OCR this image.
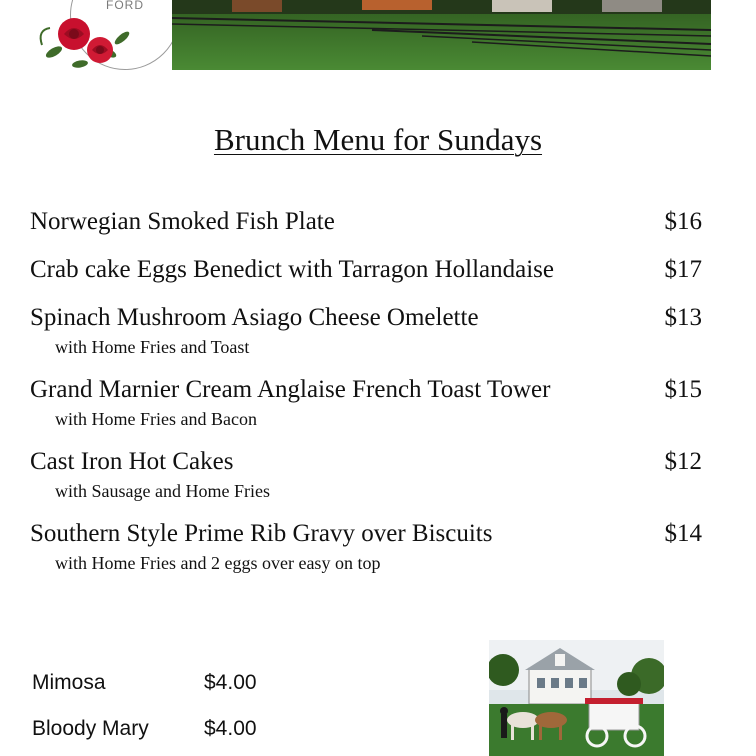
FORD
Brunch Menu for Sundays
Norwegian Smoked Fish Plate	$16
Crab cake Eggs Benedict with Tarragon Hollandaise	$17
Spinach Mushroom Asiago Cheese Omelette	$13
with Home Fries and Toast
Grand Marnier Cream Anglaise French Toast Tower	$15
with Home Fries and Bacon
Cast Iron Hot Cakes	$12
with Sausage and Home Fries
Southern Style Prime Rib Gravy over Biscuits	$14
with Home Fries and 2 eggs over easy on top
Mimosa	$4.00
Bloody Mary	$4.00
